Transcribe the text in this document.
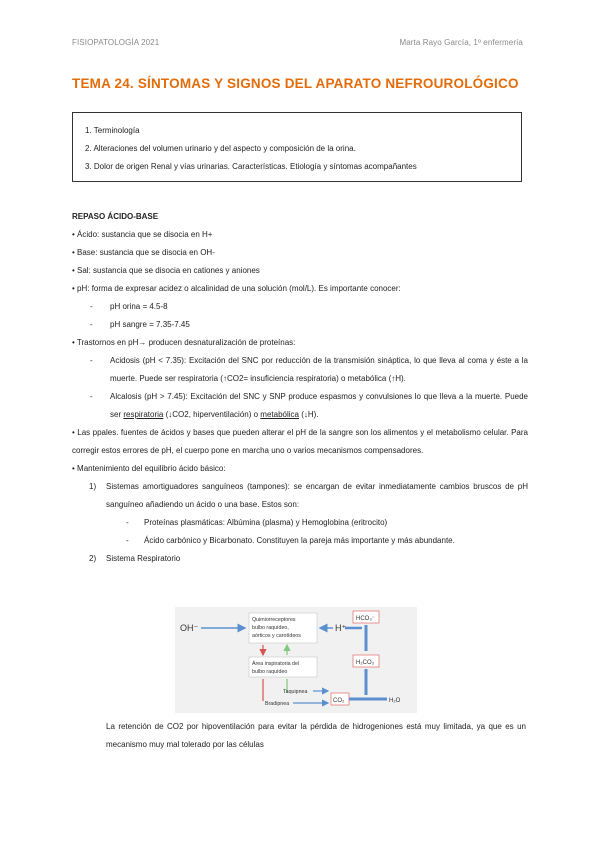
FISIOPATOLOGÍA 2021	Marta Rayo García, 1º enfermería
TEMA 24. SÍNTOMAS Y SIGNOS DEL APARATO NEFROUROLÓGICO
1. Terminología
2. Alteraciones del volumen urinario y del aspecto y composición de la orina.
3. Dolor de origen Renal y vías urinarias. Características. Etiología y síntomas acompañantes
REPASO ÁCIDO-BASE
• Ácido: sustancia que se disocia en H+
• Base: sustancia que se disocia en OH-
• Sal: sustancia que se disocia en cationes y aniones
• pH: forma de expresar acidez o alcalinidad de una solución (mol/L). Es importante conocer:
- pH orina = 4.5-8
- pH sangre = 7.35-7.45
• Trastornos en pH→ producen desnaturalización de proteínas:
- Acidosis (pH < 7.35): Excitación del SNC por reducción de la transmisión sináptica, lo que lleva al coma y éste a la muerte. Puede ser respiratoria (↑CO2= insuficiencia respiratoria) o metabólica (↑H).
- Alcalosis (pH > 7.45): Excitación del SNC y SNP produce espasmos y convulsiones lo que lleva a la muerte. Puede ser respiratoria (↓CO2, hiperventilación) o metabólica (↓H).
• Las ppales. fuentes de ácidos y bases que pueden alterar el pH de la sangre son los alimentos y el metabolismo celular. Para corregir estos errores de pH, el cuerpo pone en marcha uno o varios mecanismos compensadores.
• Mantenimiento del equilibrio ácido básico:
1) Sistemas amortiguadores sanguíneos (tampones): se encargan de evitar inmediatamente cambios bruscos de pH sanguíneo añadiendo un ácido o una base. Estos son:
- Proteínas plasmáticas: Albúmina (plasma) y Hemoglobina (eritrocito)
- Ácido carbónico y Bicarbonato. Constituyen la pareja más importante y más abundante.
2) Sistema Respiratorio
OH⁻
Quimiorreceptores
bulbo raquídeo,
aórticos y carotídeos
H⁺
HCO₃⁻
H₂CO₃
Área inspiratoria del
bulbo raquídeo
Taquipnea
Bradipnea	CO₂	H₂O
La retención de CO2 por hipoventilación para evitar la pérdida de hidrogeniones está muy limitada, ya que es un mecanismo muy mal tolerado por las células
